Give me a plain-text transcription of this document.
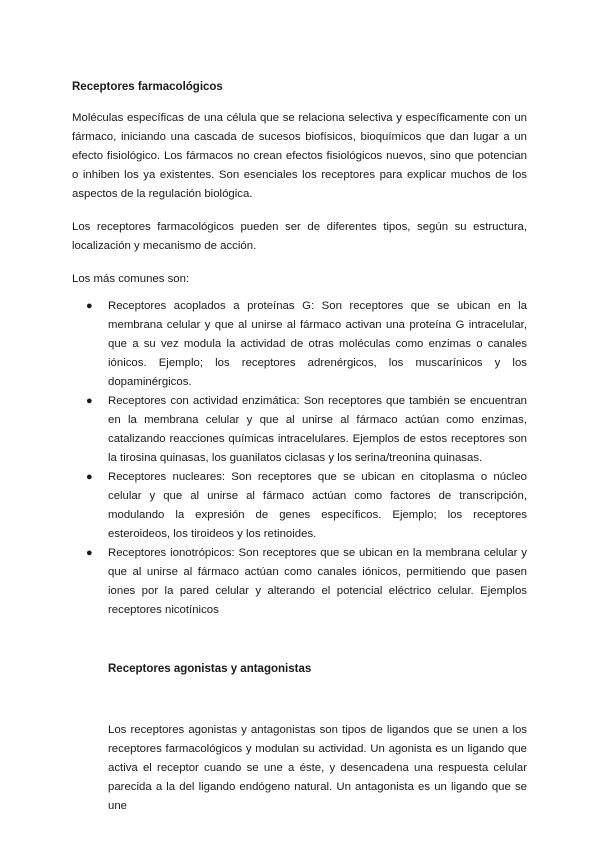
Receptores farmacológicos

Moléculas específicas de una célula que se relaciona selectiva y específicamente con un fármaco, iniciando una cascada de sucesos biofísicos, bioquímicos que dan lugar a un efecto fisiológico. Los fármacos no crean efectos fisiológicos nuevos, sino que potencian o inhiben los ya existentes. Son esenciales los receptores para explicar muchos de los aspectos de la regulación biológica.

Los receptores farmacológicos pueden ser de diferentes tipos, según su estructura, localización y mecanismo de acción.

Los más comunes son:

● Receptores acoplados a proteínas G: Son receptores que se ubican en la membrana celular y que al unirse al fármaco activan una proteína G intracelular, que a su vez modula la actividad de otras moléculas como enzimas o canales iónicos. Ejemplo; los receptores adrenérgicos, los muscarínicos y los dopaminérgicos.
● Receptores con actividad enzimática: Son receptores que también se encuentran en la membrana celular y que al unirse al fármaco actúan como enzimas, catalizando reacciones químicas intracelulares. Ejemplos de estos receptores son la tirosina quinasas, los guanilatos ciclasas y los serina/treonina quinasas.
● Receptores nucleares: Son receptores que se ubican en citoplasma o núcleo celular y que al unirse al fármaco actúan como factores de transcripción, modulando la expresión de genes específicos. Ejemplo; los receptores esteroideos, los tiroideos y los retinoides.
● Receptores ionotrópicos: Son receptores que se ubican en la membrana celular y que al unirse al fármaco actúan como canales iónicos, permitiendo que pasen iones por la pared celular y alterando el potencial eléctrico celular. Ejemplos receptores nicotínicos
Receptores agonistas y antagonistas

Los receptores agonistas y antagonistas son tipos de ligandos que se unen a los receptores farmacológicos y modulan su actividad. Un agonista es un ligando que activa el receptor cuando se une a éste, y desencadena una respuesta celular parecida a la del ligando endógeno natural. Un antagonista es un ligando que se une
